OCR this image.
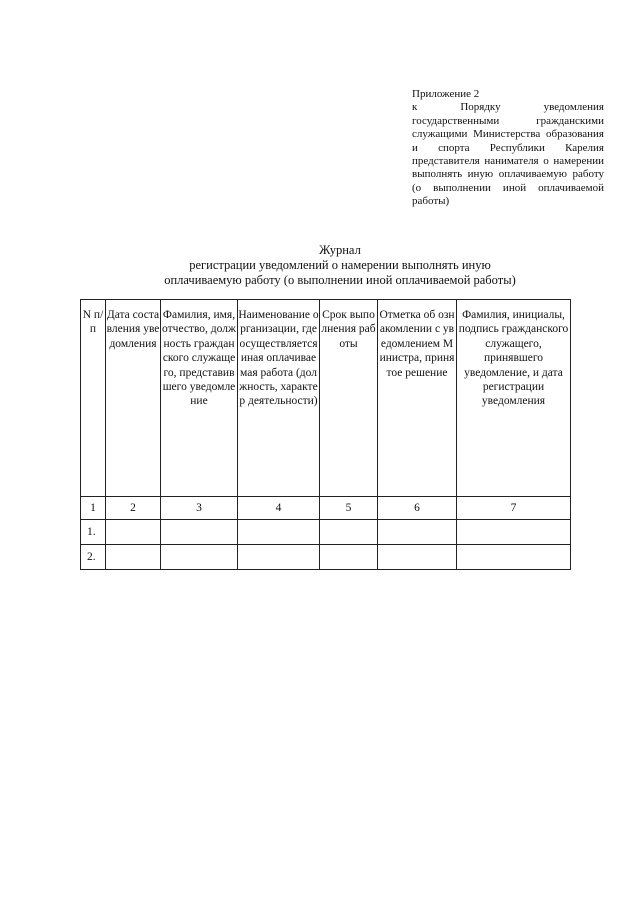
Приложение 2
к Порядку уведомления государственными гражданскими служащими Министерства образования и спорта Республики Карелия представителя нанимателя о намерении выполнять иную оплачиваемую работу (о выполнении иной оплачиваемой работы)
Журнал
регистрации уведомлений о намерении выполнять иную
оплачиваемую работу (о выполнении иной оплачиваемой работы)
N п/п	Дата составления уведомления	Фамилия, имя, отчество, должность гражданского служащего, представившего уведомление	Наименование организации, где осуществляется иная оплачиваемая работа (должность, характер деятельности)	Срок выполнения работы	Отметка об ознакомлении с уведомлением Министра, принятое решение	Фамилия, инициалы, подпись гражданского служащего, принявшего уведомление, и дата регистрации уведомления
1	2	3	4	5	6	7
1.						
2.						
